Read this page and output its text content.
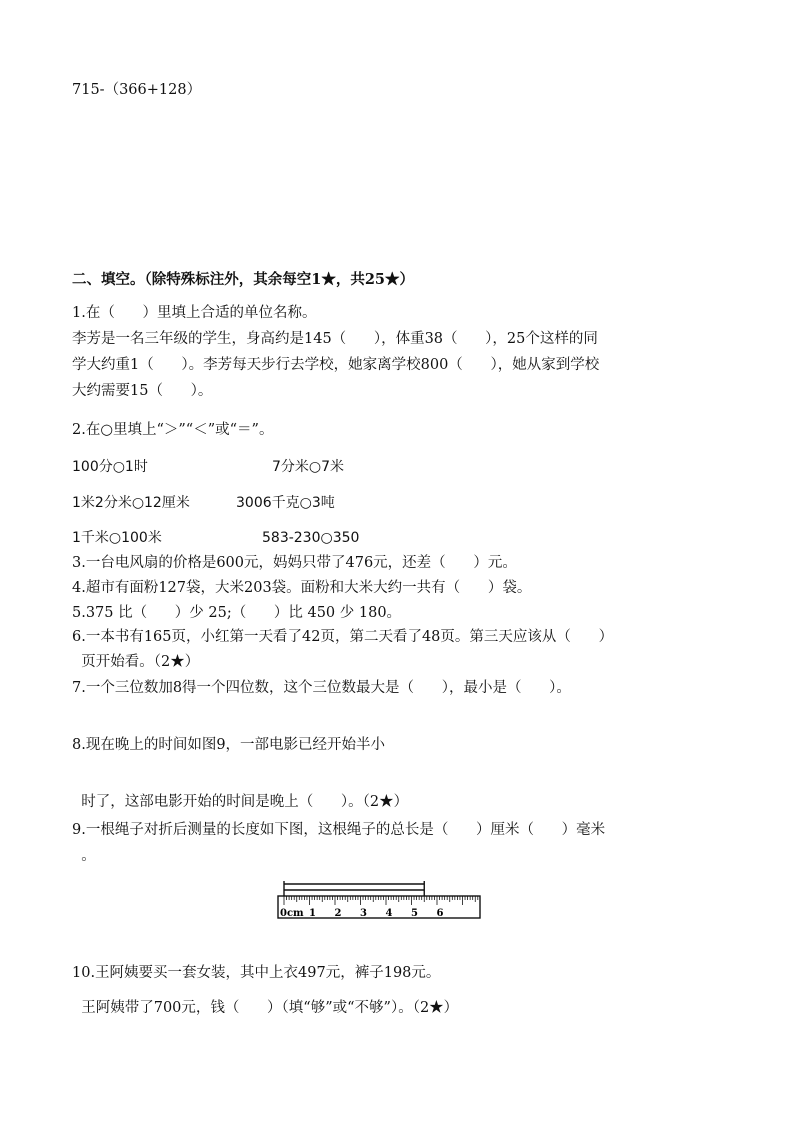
715-（366+128）
二、填空。（除特殊标注外，其余每空1★，共25★）
1.在（      ）里填上合适的单位名称。
李芳是一名三年级的学生，身高约是145（      ），体重38（      ），25个这样的同
学大约重1（      ）。李芳每天步行去学校，她家离学校800（      ），她从家到学校
大约需要15（      ）。
2.在○里填上“＞”“＜”或“＝”。
100分○1时	7分米○7米
1米2分米○12厘米	3006千克○3吨
1千米○100米	583-230○350
3.一台电风扇的价格是600元，妈妈只带了476元，还差（      ）元。
4.超市有面粉127袋，大米203袋。面粉和大米大约一共有（      ）袋。
5.375 比（      ）少 25;（      ）比 450 少 180。
6.一本书有165页，小红第一天看了42页，第二天看了48页。第三天应该从（      ）
页开始看。（2★）
7.一个三位数加8得一个四位数，这个三位数最大是（      ），最小是（      ）。
8.现在晚上的时间如图9，一部电影已经开始半小
时了，这部电影开始的时间是晚上（      ）。（2★）
9.一根绳子对折后测量的长度如下图，这根绳子的总长是（      ）厘米（      ）毫米
。
0cm 1 2 3 4 5 6
10.王阿姨要买一套女装，其中上衣497元，裤子198元。
王阿姨带了700元，钱（      ）（填“够”或“不够”）。（2★）
